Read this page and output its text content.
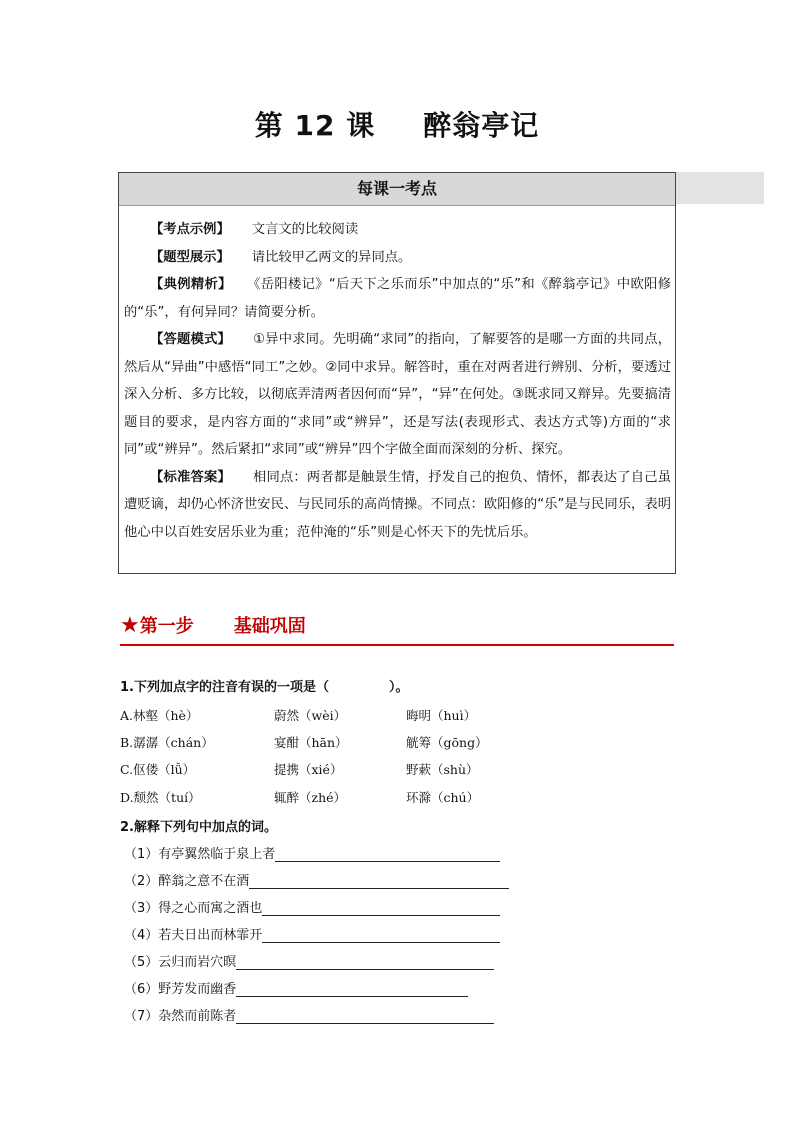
第 12 课 醉翁亭记
每课一考点

【考点示例】 文言文的比较阅读

【题型展示】 请比较甲乙两文的异同点。

【典例精析】 《岳阳楼记》“后天下之乐而乐”中加点的“乐”和《醉翁亭记》中欧阳修的“乐”，有何异同？请简要分析。

【答题模式】 ①异中求同。先明确“求同”的指向，了解要答的是哪一方面的共同点，然后从“异曲”中感悟“同工”之妙。②同中求异。解答时，重在对两者进行辨别、分析，要透过深入分析、多方比较，以彻底弄清两者因何而“异”，“异”在何处。③既求同又辩异。先要搞清题目的要求，是内容方面的“求同”或“辨异”，还是写法(表现形式、表达方式等)方面的“求同”或“辨异”。然后紧扣“求同”或“辨异”四个字做全面而深刻的分析、探究。

【标准答案】 相同点：两者都是触景生情，抒发自己的抱负、情怀，都表达了自己虽遭贬谪，却仍心怀济世安民、与民同乐的高尚情操。不同点：欧阳修的“乐”是与民同乐，表明他心中以百姓安居乐业为重；范仲淹的“乐”则是心怀天下的先忧后乐。

★第一步 基础巩固
1.下列加点字的注音有误的一项是（	）。
A.林壑（hè）	蔚然（wèi）	晦明（huì）
B.潺潺（chán）	宴酣（hān）	觥筹（gōng）
C.伛偻（lǚ）	提携（xié）	野蔌（shù）
D.颓然（tuí）	辄醉（zhé）	环滁（chú）
2.解释下列句中加点的词。
（1）有亭翼然临于泉上者
（2）醉翁之意不在酒
（3）得之心而寓之酒也
（4）若夫日出而林霏开
（5）云归而岩穴暝
（6）野芳发而幽香
（7）杂然而前陈者
